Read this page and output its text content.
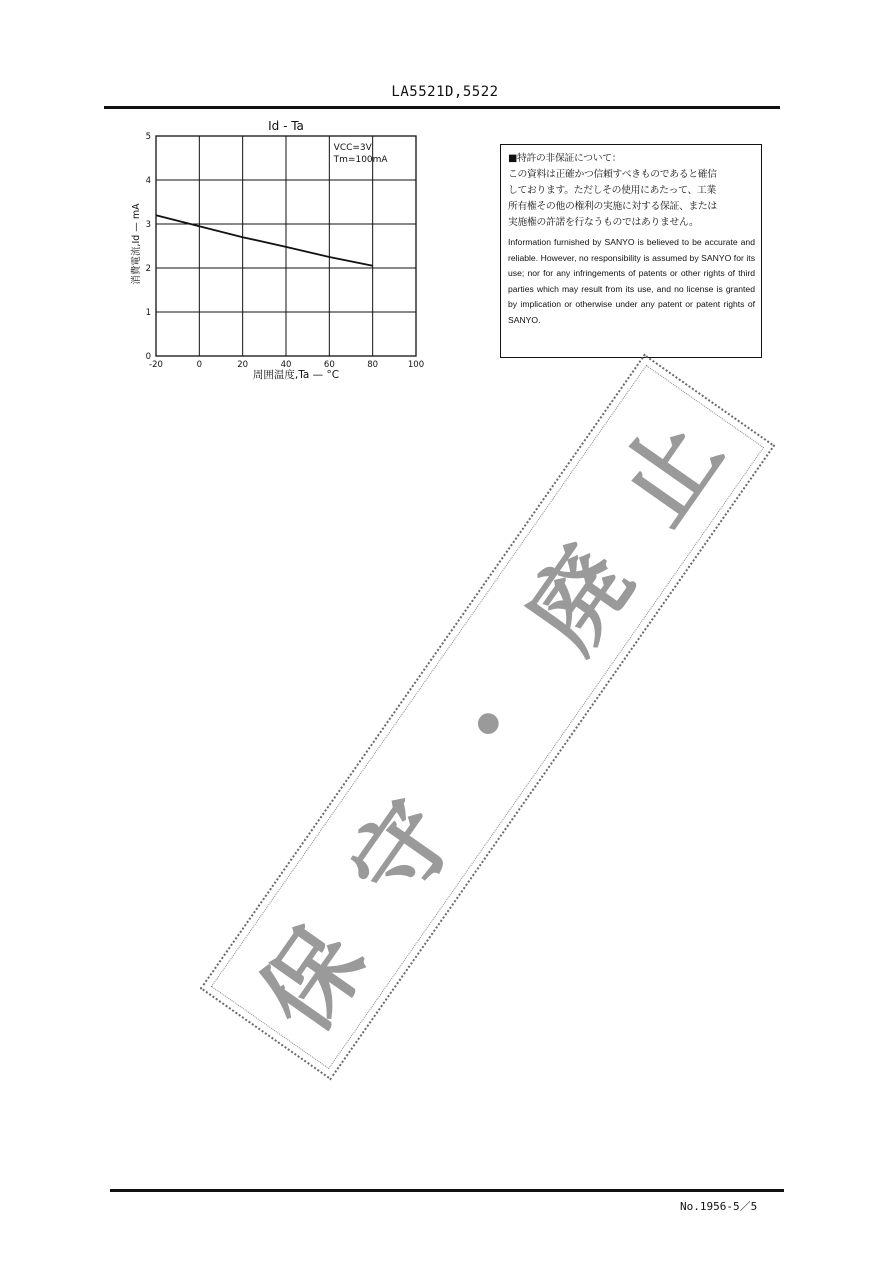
LA5521D,5522
Id - Ta
-20	0	20	40	60	80	100
0
1
2
3
4
5
VCC=3V
Tm=100mA
消費電流,Id — mA
周囲温度,Ta — °C
■特許の非保証について：
この資料は正確かつ信頼すべきものであると確信
しております。ただしその使用にあたって、工業
所有権その他の権利の実施に対する保証、または
実施権の許諾を行なうものではありません。
Information furnished by SANYO is believed to be accurate and reliable. However, no responsibility is assumed by SANYO for its use; nor for any infringements of patents or other rights of third parties which may result from its use, and no license is granted by implication or otherwise under any patent or patent rights of SANYO.
保
守
・
廃
止
No.1956-5／5
